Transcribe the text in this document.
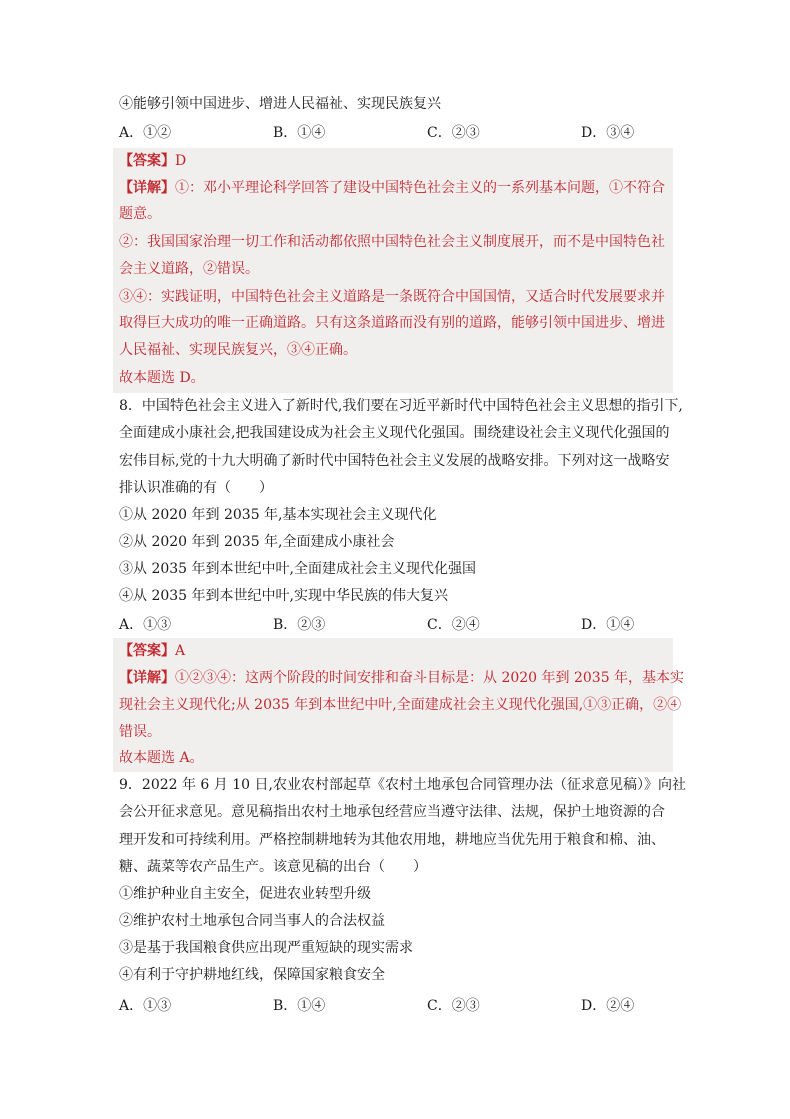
④能够引领中国进步、增进人民福祉、实现民族复兴
A．①②	B．①④	C．②③	D．③④
【答案】D
【详解】①：邓小平理论科学回答了建设中国特色社会主义的一系列基本问题，①不符合
题意。
②：我国国家治理一切工作和活动都依照中国特色社会主义制度展开，而不是中国特色社
会主义道路，②错误。
③④：实践证明，中国特色社会主义道路是一条既符合中国国情，又适合时代发展要求并
取得巨大成功的唯一正确道路。只有这条道路而没有别的道路，能够引领中国进步、增进
人民福祉、实现民族复兴，③④正确。
故本题选 D。
8．中国特色社会主义进入了新时代,我们要在习近平新时代中国特色社会主义思想的指引下,
全面建成小康社会,把我国建设成为社会主义现代化强国。围绕建设社会主义现代化强国的
宏伟目标,党的十九大明确了新时代中国特色社会主义发展的战略安排。下列对这一战略安
排认识准确的有（　　）
①从 2020 年到 2035 年,基本实现社会主义现代化
②从 2020 年到 2035 年,全面建成小康社会
③从 2035 年到本世纪中叶,全面建成社会主义现代化强国
④从 2035 年到本世纪中叶,实现中华民族的伟大复兴
A．①③	B．②③	C．②④	D．①④
【答案】A
【详解】①②③④：这两个阶段的时间安排和奋斗目标是：从 2020 年到 2035 年，基本实
现社会主义现代化;从 2035 年到本世纪中叶,全面建成社会主义现代化强国,①③正确，②④
错误。
故本题选 A。
9．2022 年 6 月 10 日,农业农村部起草《农村土地承包合同管理办法（征求意见稿）》向社
会公开征求意见。意见稿指出农村土地承包经营应当遵守法律、法规，保护土地资源的合
理开发和可持续利用。严格控制耕地转为其他农用地，耕地应当优先用于粮食和棉、油、
糖、蔬菜等农产品生产。该意见稿的出台（　　）
①维护种业自主安全，促进农业转型升级
②维护农村土地承包合同当事人的合法权益
③是基于我国粮食供应出现严重短缺的现实需求
④有利于守护耕地红线，保障国家粮食安全
A．①③	B．①④	C．②③	D．②④
